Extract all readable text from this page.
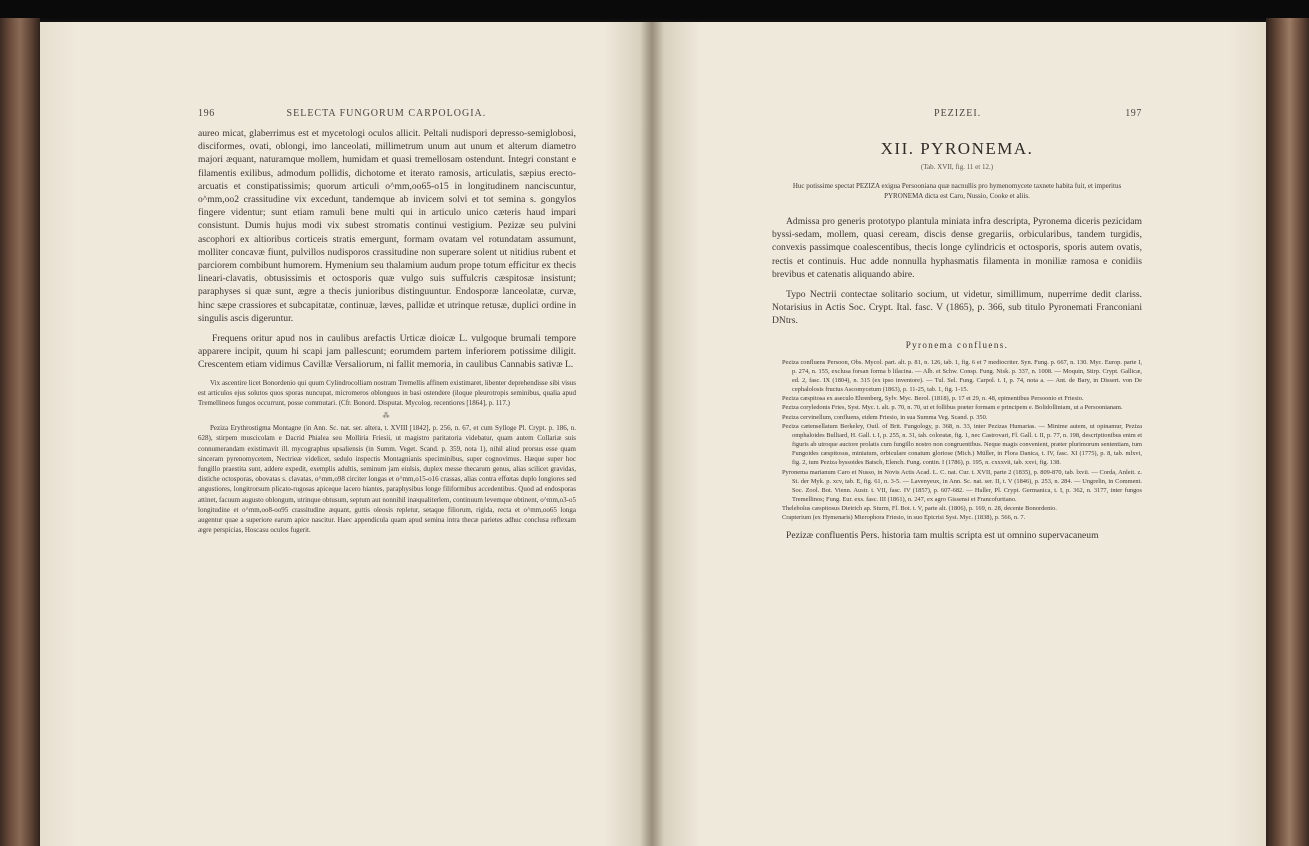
196	SELECTA FUNGORUM CARPOLOGIA.

aureo micat, glaberrimus est et mycetologi oculos allicit. Peltali nudispori depresso-semiglobosi, disciformes, ovati, oblongi, imo lanceolati, millimetrum unum aut unum et alterum diametro majori æquant, naturamque mollem, humidam et quasi tremellosam ostendunt. Integri constant e filamentis exilibus, admodum pollidis, dichotome et iterato ramosis, articulatis, sæpius erecto-arcuatis et constipatissimis; quorum articuli o^mm,oo65-o15 in longitudinem nanciscuntur, o^mm,oo2 crassitudine vix excedunt, tandemque ab invicem solvi et tot semina s. gongylos fingere videntur; sunt etiam ramuli bene multi qui in articulo unico cæteris haud impari consistunt. Dumis hujus modi vix subest stromatis continui vestigium. Pezizæ seu pulvini ascophori ex altioribus corticeis stratis emergunt, formam ovatam vel rotundatam assumunt, molliter concavæ fiunt, pulvillos nudisporos crassitudine non superare solent ut nitidius rubent et parciorem combibunt humorem. Hymenium seu thalamium audum prope totum efficitur ex thecis lineari-clavatis, obtusissimis et octosporis quæ vulgo suis suffulcris cæspitosæ insistunt; paraphyses si quæ sunt, ægre a thecis junioribus distinguuntur. Endosporæ lanceolatæ, curvæ, hinc sæpe crassiores et subcapitatæ, continuæ, læves, pallidæ et utrinque retusæ, duplici ordine in singulis ascis digeruntur.

Frequens oritur apud nos in caulibus arefactis Urticæ dioicæ L. vulgoque brumali tempore apparere incipit, quum hi scapi jam pallescunt; eorumdem partem inferiorem potissime diligit. Crescentem etiam vidimus Cavillæ Versaliorum, ni fallit memoria, in caulibus Cannabis sativæ L.

Vix ascentire licet Bonordenio qui quum Cylindrocolliam nostram Tremellis affinem existimaret, libenter deprehendisse sibi visus est articulos ejus solutos quos sporas nuncupat, micromeros oblonguos in basi ostendere (iloque pleurotropis seminibus, qualia apud Tremellineos fungos occurrunt, posse commutari. (Cfr. Bonord. Disputat. Mycolog. recentiores [1864], p. 117.)

⁂

Peziza Erythrostigma Montagne (in Ann. Sc. nat. ser. altera, t. XVIII [1842], p. 256, n. 67, et cum Sylloge Pl. Crypt. p. 186, n. 628), stirpem muscicolam e Dacrid Phialea seu Molliria Friesii, ut magistro paritatoria videbatur, quam autem Collariæ suis connumerandam existimavit ill. mycographus upsaliensis (in Summ. Veget. Scand. p. 359, nota 1), nihil aliud prorsus esse quam sinceram pyrenomycetem, Nectrieæ videlicet, sedulo inspectis Montagnianis speciminibus, super cognovimus. Hæque super hoc fungillo praestita sunt, addere expedit, exemplis adultis, seminum jam eiulsis, duplex messe thecarum genus, alias scilicet gravidas, distiche octosporas, obovatas s. clavatas, o^mm,o98 circiter longas et o^mm,o15-o16 crassas, alias contra effœtas duplo longiores sed angustiores, longitrorsum plicato-rugosas apiceque lacero hiantes, paraphysibus longe filiformibus accedentibus. Quod ad endosporas attinet, facuum augusto oblongum, utrinque obtusum, septum aut nonnihil inæqualiterlem, continuum levemque obtinent, o^mm,o3-o5 longitudine et o^mm,oo8-oo95 crassitudine æquant, guttis oleosis repletur, setaque filiorum, rigida, recta et o^mm,oo65 longa augentur quae a superiore earum apice nascitur. Haec appendicula quam apud semina intra thecæ parietes adhuc conclusa reflexam ægre perspicias, Hoscasu oculos fugerit.

PEZIZEI.	197
XII. PYRONEMA.
(Tab. XVII, fig. 11 et 12.)

Huc potissime spectat PEZIZA exigua Persooniana quæ nacnullis pro hymenomycete taxnete habita fuit, et imperitus PYRONEMA dicta est Caro, Nussio, Cooke et aliis.

Admissa pro generis prototypo plantula miniata infra descripta, Pyronema diceris pezicidam byssi-sedam, mollem, quasi ceream, discis dense gregariis, orbicularibus, tandem turgidis, convexis passimque coalescentibus, thecis longe cylindricis et octosporis, sporis autem ovatis, rectis et continuis. Huc adde nonnulla hyphasmatis filamenta in moniliæ ramosa e conidiis brevibus et catenatis aliquando abire.

Typo Nectrii contectae solitario socium, ut videtur, simillimum, nuperrime dedit clariss. Notarisius in Actis Soc. Crypt. Ital. fasc. V (1865), p. 366, sub titulo Pyronemati Franconiani DNtrs.

Pyronema confluens.

Peziza confluens Persoon, Obs. Mycol. part. alt. p. 81, n. 126, tab. 1, fig. 6 et 7 mediocriter. Syn. Fung. p. 667, n. 130. Myc. Europ. parte I, p. 274, n. 155, exclusa forsan forma b lilacina. — Alb. et Schw. Consp. Fung. Nisk. p. 337, n. 1008. — Moquin, Stirp. Crypt. Gallicæ, ed. 2, fasc. IX (1804), n. 315 (ex ipso inventore). — Tul. Sel. Fung. Carpol. t. I, p. 74, nota a. — Ant. de Bary, in Dissert. von De cephalolosis fructus Ascomycetum (1863), p. 11-25, tab. 1, fig. 1-15.

Peziza cæspitosa ex aseculo Ehrenberg, Sylv. Myc. Berol. (1818), p. 17 et 29, n. 48, epimentibus Persoonio et Friesio.

Peziza coryledonis Fries, Syst. Myc. t. alt. p. 70, n. 70, ut et follibus præter formam e principem e. Bolidolliniam, ut a Persoonianam.

Peziza cervinellum, confluens, eidem Friesio, in sua Summa Veg. Scand. p. 350.

Peziza cætensellatum Berkeley, Outl. of Brit. Fungology, p. 368, n. 33, inter Pezizas Humarias. — Minime autem, ut opinamur, Peziza omphaloides Bulliard, H. Gall. t. I, p. 255, n. 31, tab. coloratæ, fig. 1, nec Castrovari, Fl. Gall. t. II, p. 77, n. 198, descriptionibus enim et figuris ab utroque auctore prolatis cum fungillo nostro non congruentibus. Neque magis convenient, præter plurimorum sententiam, tum Fungoides cæspitosus, miniatum, orbiculare conatum gloriose (Mich.) Müller, in Flora Danica, t. IV, fasc. XI (1775), p. 8, tab. mlxvi, fig. 2, tum Peziza byssoides Batsch, Elench. Fung. contin. I (1786), p. 195, n. cxxxvii, tab. xxvi, fig. 138.

Pyronema marianum Caro et Nusso, in Novis Actis Acad. L. C. nat. Cur. t. XVII, parte 2 (1835), p. 809-870, tab. lxvii. — Corda, Anleit. z. St. der Myk. p. xcv, tab. E, fig. 61, n. 3-5. — Lavenyeux, in Ann. Sc. nat. ser. II, t. V (1846), p. 253, n. 284. — Ungrelin, in Comment. Soc. Zool. Bot. Vienn. Austr. t. VII, fasc. IV (1857), p. 607-682. — Haller, Pl. Crypt. Germanica, t. I, p. 362, n. 3177, inter fungos Tremellinos; Fung. Eur. exs. fasc. III (1861), n. 247, ex agro Gissensi et Francofurtiano.

Thelebolus cæspitosus Dietrich ap. Sturm, Fl. Bot. t. V, parte alt. (1806), p. 169, n. 28, decente Bonordenio.

Crapterium (ex Hymenaris) Mierophora Friesio, in suo Epicrisi Syst. Myc. (1838), p. 566, n. 7.

Pezizæ confluentis Pers. historia tam multis scripta est ut omnino supervacaneum
